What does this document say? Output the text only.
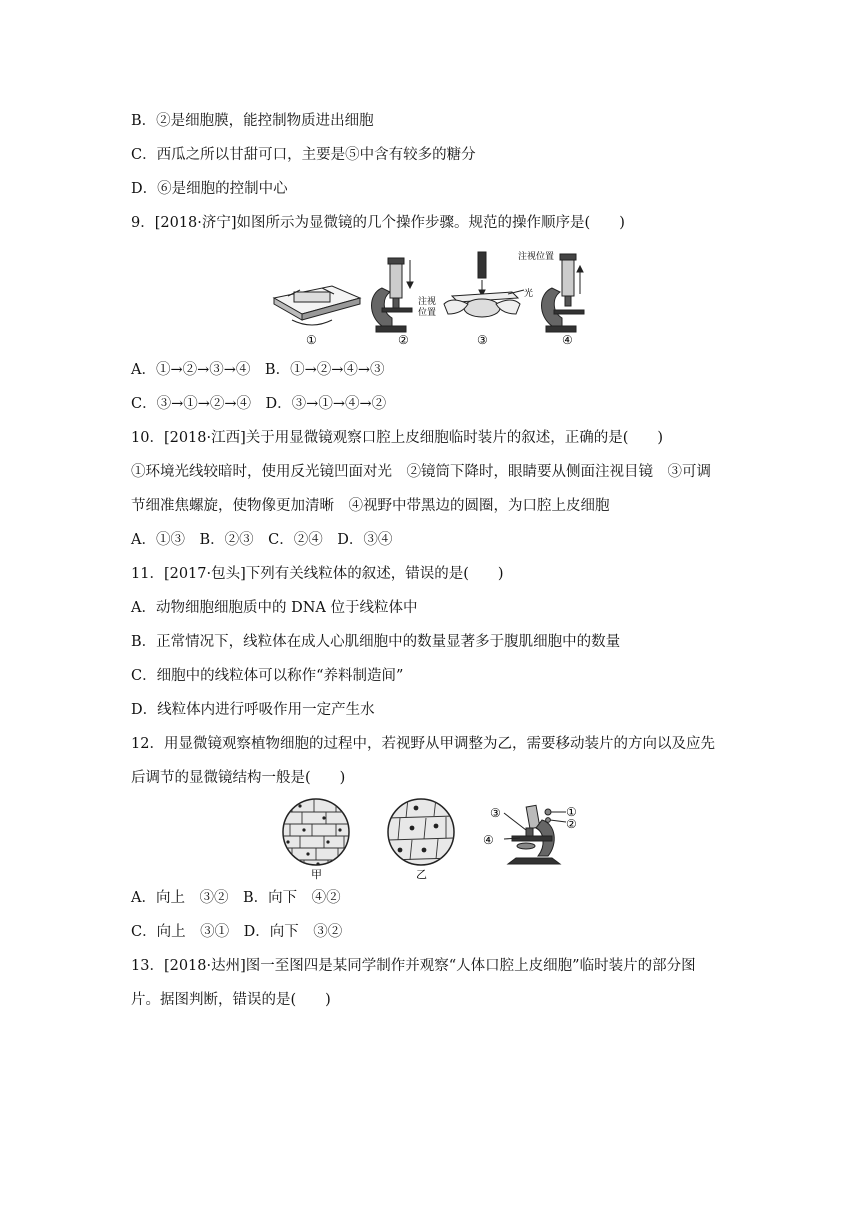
B．②是细胞膜，能控制物质进出细胞
C．西瓜之所以甘甜可口，主要是⑤中含有较多的糖分
D．⑥是细胞的控制中心
9．[2018·济宁]如图所示为显微镜的几个操作步骤。规范的操作顺序是(　　)
注视
位置
光
注视位置
①	②	③	④
A．①→②→③→④　B．①→②→④→③
C．③→①→②→④　D．③→①→④→②
10．[2018·江西]关于用显微镜观察口腔上皮细胞临时装片的叙述，正确的是(　　)
①环境光线较暗时，使用反光镜凹面对光　②镜筒下降时，眼睛要从侧面注视目镜　③可调
节细准焦螺旋，使物像更加清晰　④视野中带黑边的圆圈，为口腔上皮细胞
A．①③　B．②③　C．②④　D．③④
11．[2017·包头]下列有关线粒体的叙述，错误的是(　　)
A．动物细胞细胞质中的 DNA 位于线粒体中
B．正常情况下，线粒体在成人心肌细胞中的数量显著多于腹肌细胞中的数量
C．细胞中的线粒体可以称作“养料制造间”
D．线粒体内进行呼吸作用一定产生水
12．用显微镜观察植物细胞的过程中，若视野从甲调整为乙，需要移动装片的方向以及应先
后调节的显微镜结构一般是(　　)
③	①
②
④
甲	乙
A．向上　③②　B．向下　④②
C．向上　③①　D．向下　③②
13．[2018·达州]图一至图四是某同学制作并观察“人体口腔上皮细胞”临时装片的部分图
片。据图判断，错误的是(　　)
